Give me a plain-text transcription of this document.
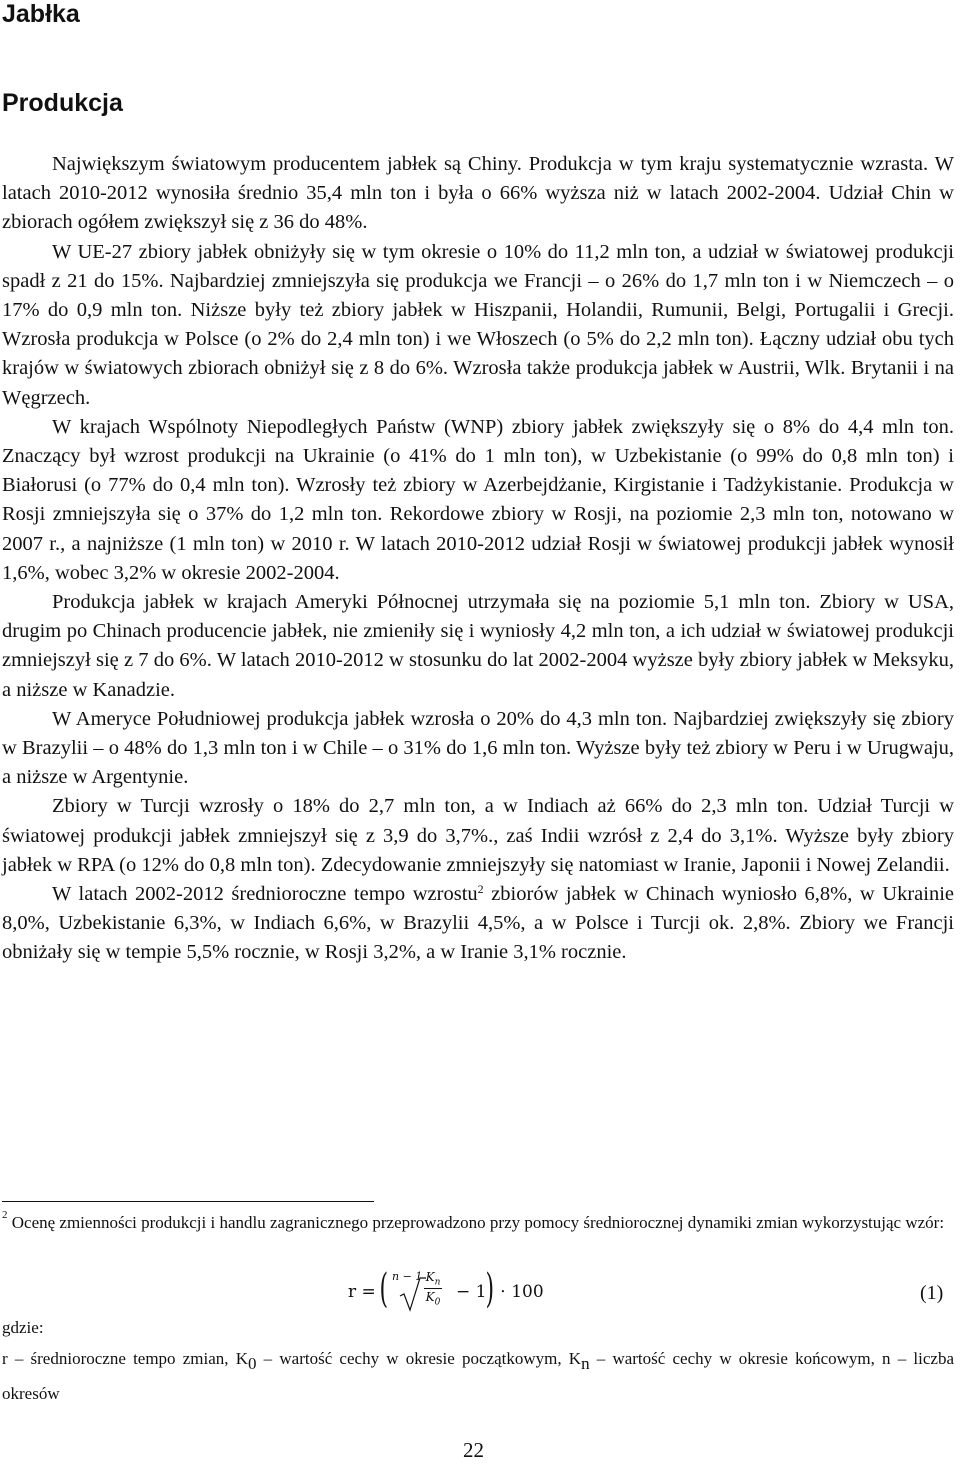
Jabłka
Produkcja

Największym światowym producentem jabłek są Chiny. Produkcja w tym kraju systematycznie wzrasta. W latach 2010-2012 wynosiła średnio 35,4 mln ton i była o 66% wyższa niż w latach 2002-2004. Udział Chin w zbiorach ogółem zwiększył się z 36 do 48%.

W UE-27 zbiory jabłek obniżyły się w tym okresie o 10% do 11,2 mln ton, a udział w światowej produkcji spadł z 21 do 15%. Najbardziej zmniejszyła się produkcja we Francji – o 26% do 1,7 mln ton i w Niemczech – o 17% do 0,9 mln ton. Niższe były też zbiory jabłek w Hiszpanii, Holandii, Rumunii, Belgi, Portugalii i Grecji. Wzrosła produkcja w Polsce (o 2% do 2,4 mln ton) i we Włoszech (o 5% do 2,2 mln ton). Łączny udział obu tych krajów w światowych zbiorach obniżył się z 8 do 6%. Wzrosła także produkcja jabłek w Austrii, Wlk. Brytanii i na Węgrzech.

W krajach Wspólnoty Niepodległych Państw (WNP) zbiory jabłek zwiększyły się o 8% do 4,4 mln ton. Znaczący był wzrost produkcji na Ukrainie (o 41% do 1 mln ton), w Uzbekistanie (o 99% do 0,8 mln ton) i Białorusi (o 77% do 0,4 mln ton). Wzrosły też zbiory w Azerbejdżanie, Kirgistanie i Tadżykistanie. Produkcja w Rosji zmniejszyła się o 37% do 1,2 mln ton. Rekordowe zbiory w Rosji, na poziomie 2,3 mln ton, notowano w 2007 r., a najniższe (1 mln ton) w 2010 r. W latach 2010-2012 udział Rosji w światowej produkcji jabłek wynosił 1,6%, wobec 3,2% w okresie 2002-2004.

Produkcja jabłek w krajach Ameryki Północnej utrzymała się na poziomie 5,1 mln ton. Zbiory w USA, drugim po Chinach producencie jabłek, nie zmieniły się i wyniosły 4,2 mln ton, a ich udział w światowej produkcji zmniejszył się z 7 do 6%. W latach 2010-2012 w stosunku do lat 2002-2004 wyższe były zbiory jabłek w Meksyku, a niższe w Kanadzie.

W Ameryce Południowej produkcja jabłek wzrosła o 20% do 4,3 mln ton. Najbardziej zwiększyły się zbiory w Brazylii – o 48% do 1,3 mln ton i w Chile – o 31% do 1,6 mln ton. Wyższe były też zbiory w Peru i w Urugwaju, a niższe w Argentynie.

Zbiory w Turcji wzrosły o 18% do 2,7 mln ton, a w Indiach aż 66% do 2,3 mln ton. Udział Turcji w światowej produkcji jabłek zmniejszył się z 3,9 do 3,7%., zaś Indii wzrósł z 2,4 do 3,1%. Wyższe były zbiory jabłek w RPA (o 12% do 0,8 mln ton). Zdecydowanie zmniejszyły się natomiast w Iranie, Japonii i Nowej Zelandii.

W latach 2002-2012 średnioroczne tempo wzrostu$^2$ zbiorów jabłek w Chinach wyniosło 6,8%, w Ukrainie 8,0%, Uzbekistanie 6,3%, w Indiach 6,6%, w Brazylii 4,5%, a w Polsce i Turcji ok. 2,8%. Zbiory we Francji obniżały się w tempie 5,5% rocznie, w Rosji 3,2%, a w Iranie 3,1% rocznie.

$^2$ Ocenę zmienności produkcji i handlu zagranicznego przeprowadzono przy pomocy średniorocznej dynamiki zmian wykorzystując wzór:
r = ( n − 1 $K_n$
$K_0$
− 1 ) ⋅ 100	(1)
gdzie:
r – średnioroczne tempo zmian, K0 – wartość cechy w okresie początkowym, Kn – wartość cechy w okresie końcowym, n – liczba okresów
22
